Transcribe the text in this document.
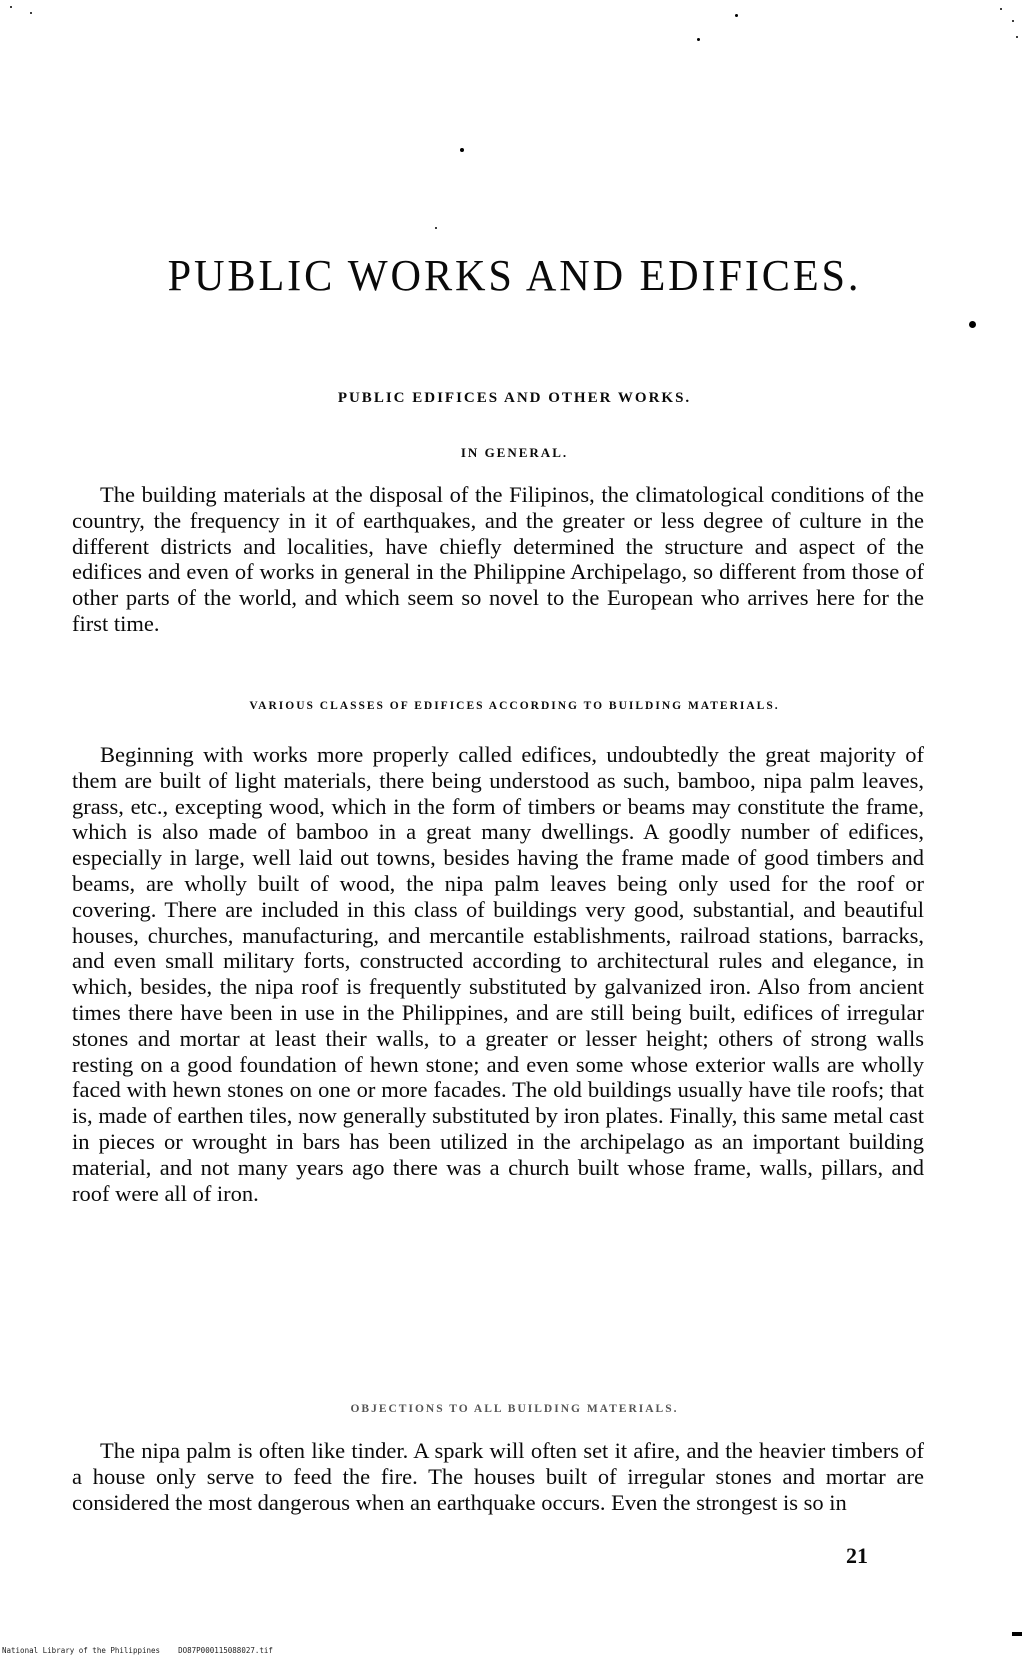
PUBLIC WORKS AND EDIFICES.
PUBLIC EDIFICES AND OTHER WORKS.
IN GENERAL.

The building materials at the disposal of the Filipinos, the climatological conditions of the country, the frequency in it of earthquakes, and the greater or less degree of culture in the different districts and localities, have chiefly determined the structure and aspect of the edifices and even of works in general in the Philippine Archipelago, so different from those of other parts of the world, and which seem so novel to the European who arrives here for the first time.

VARIOUS CLASSES OF EDIFICES ACCORDING TO BUILDING MATERIALS.

Beginning with works more properly called edifices, undoubtedly the great majority of them are built of light materials, there being understood as such, bamboo, nipa palm leaves, grass, etc., excepting wood, which in the form of timbers or beams may constitute the frame, which is also made of bamboo in a great many dwellings. A goodly number of edifices, especially in large, well laid out towns, besides having the frame made of good timbers and beams, are wholly built of wood, the nipa palm leaves being only used for the roof or covering. There are included in this class of buildings very good, substantial, and beautiful houses, churches, manufacturing, and mercantile establishments, railroad stations, barracks, and even small military forts, constructed according to architectural rules and elegance, in which, besides, the nipa roof is frequently substituted by galvanized iron. Also from ancient times there have been in use in the Philippines, and are still being built, edifices of irregular stones and mortar at least their walls, to a greater or lesser height; others of strong walls resting on a good foundation of hewn stone; and even some whose exterior walls are wholly faced with hewn stones on one or more facades. The old buildings usually have tile roofs; that is, made of earthen tiles, now generally substituted by iron plates. Finally, this same metal cast in pieces or wrought in bars has been utilized in the archipelago as an important building material, and not many years ago there was a church built whose frame, walls, pillars, and roof were all of iron.

OBJECTIONS TO ALL BUILDING MATERIALS.

The nipa palm is often like tinder. A spark will often set it afire, and the heavier timbers of a house only serve to feed the fire. The houses built of irregular stones and mortar are considered the most dangerous when an earthquake occurs. Even the strongest is so in

21

National Library of the Philippines    DO87P000115088027.tif
